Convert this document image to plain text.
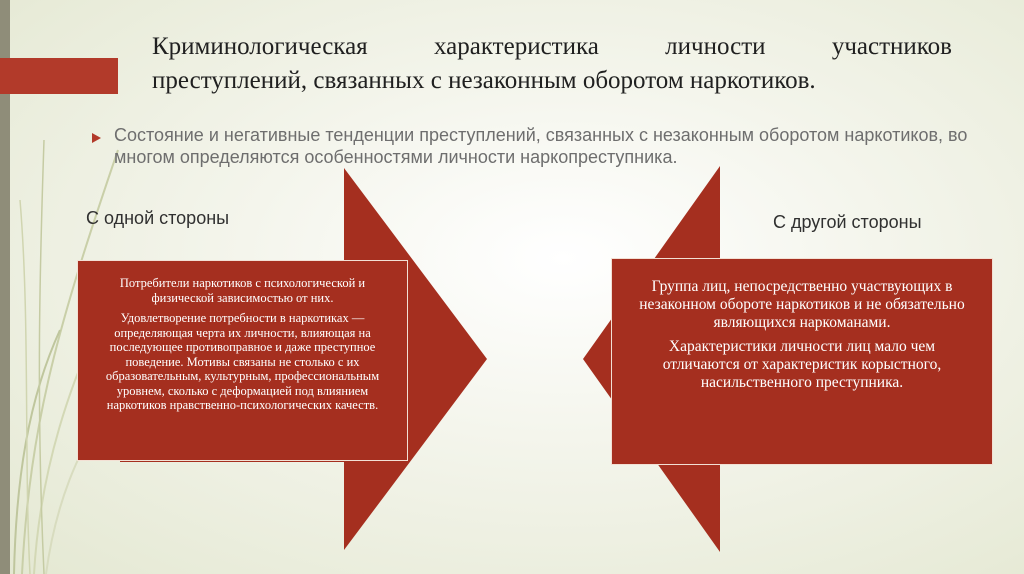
Криминологическая	характеристика	личности	участников
преступлений, связанных с незаконным оборотом наркотиков.
Состояние и негативные тенденции преступлений, связанных с незаконным оборотом наркотиков, во многом определяются особенностями личности наркопреступника.
С одной стороны	С другой стороны

Потребители наркотиков с психологической и физической зависимостью от них.

Удовлетворение потребности в наркотиках — определяющая черта их личности, влияющая на последующее противоправное и даже преступное поведение. Мотивы связаны не столько с их образовательным, культурным, профессиональным уровнем, сколько с деформацией под влиянием наркотиков нравственно-психологических качеств.

Группа лиц, непосредственно участвующих в незаконном обороте наркотиков и не обязательно являющихся наркоманами.

Характеристики личности лиц мало чем отличаются от характеристик корыстного, насильственного преступника.
